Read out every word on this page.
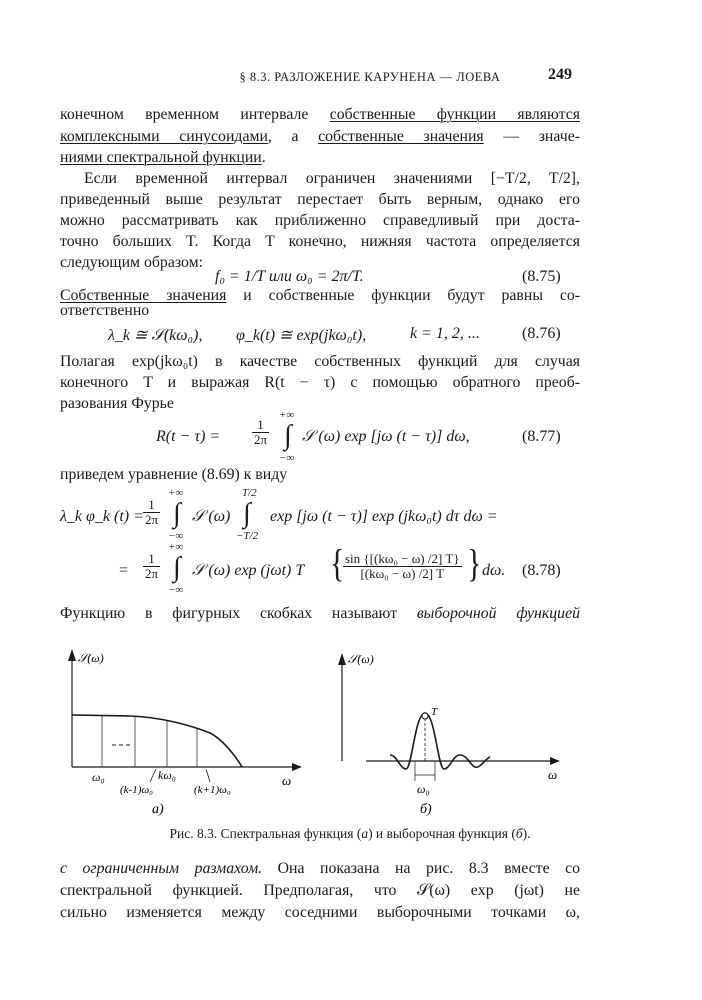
§ 8.3. РАЗЛОЖЕНИЕ КАРУНЕНА — ЛОЕВА	249
конечном временном интервале собственные функции являются
комплексными синусоидами, а собственные значения — значе-
ниями спектральной функции.
Если временной интервал ограничен значениями [−T/2, T/2],
приведенный выше результат перестает быть верным, однако его
можно рассматривать как приближенно справедливый при доста-
точно больших T. Когда T конечно, нижняя частота определяется
следующим образом:
f₀ = 1/T или ω₀ = 2π/T.	(8.75)
Собственные значения и собственные функции будут равны со-
ответственно
λ_k ≅ 𝒮(kω₀), φ_k(t) ≅ exp(jkω₀t),	k = 1, 2, ...	(8.76)
Полагая exp(jkω₀t) в качестве собственных функций для случая
конечного T и выражая R(t − τ) с помощью обратного преоб-
разования Фурье
$R(t - \tau) = \frac{1}{2\pi}$
+∞
∫
−∞
𝒮 (ω) exp [jω (t − τ)] dω,	(8.77)
приведем уравнение (8.69) к виду
λ_k φ_k $(t) = \frac{1}{2\pi}$
+∞
∫
−∞
𝒮 (ω)
T/2
∫
−T/2
exp [jω (t − τ)] exp (jkω₀t) dτ dω =
= $\frac{1}{2\pi}$
+∞
∫
−∞
𝒮 (ω) exp (jωt) T {
$\frac{\text{sin \{[(kω₀ − ω) /2] T\}}}{\text{[(kω₀ − ω) /2] T}}$ } dω. (8.78)
Функцию в фигурных скобках называют выборочной функцией
𝒮(ω)
ω
ω₀	kω₀
(k-1)ω₀	(k+1)ω₀
а)
𝒮(ω)
ω
T
ω₀
б)
Рис. 8.3. Спектральная функция (а) и выборочная функция (б).
с ограниченным размахом. Она показана на рис. 8.3 вместе со
спектральной функцией. Предполагая, что 𝒮(ω) exp (jωt) не
сильно изменяется между соседними выборочными точками ω,
